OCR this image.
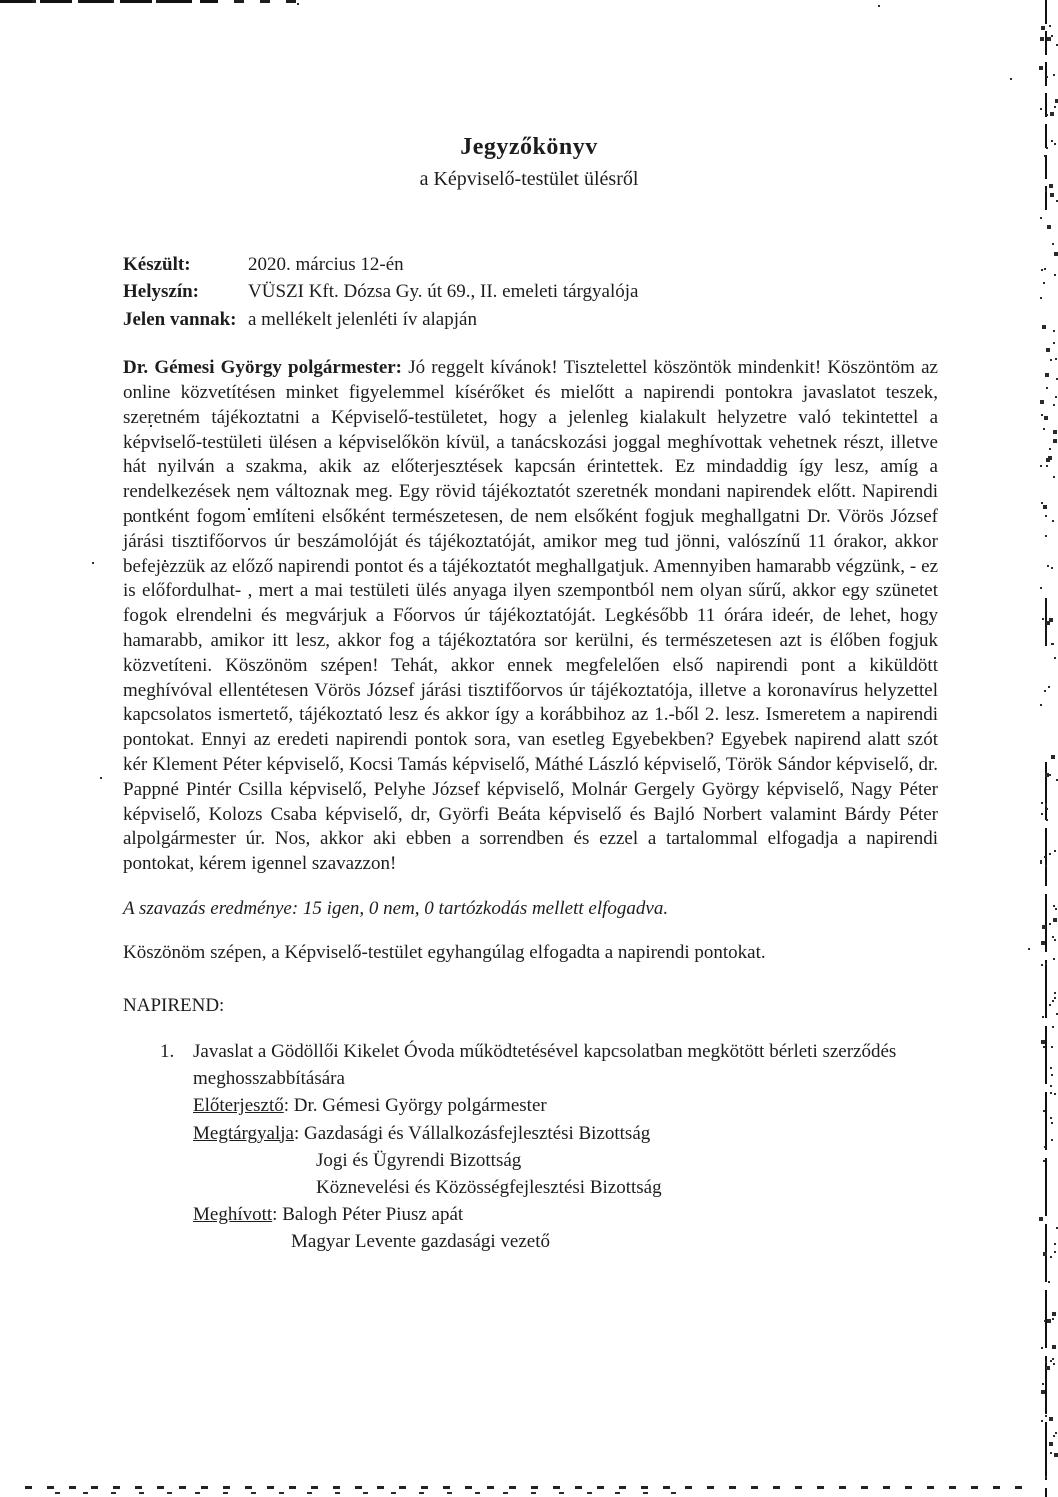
Jegyzőkönyv
a Képviselő-testület ülésről
Készült:	2020. március 12-én
Helyszín:	VÜSZI Kft. Dózsa Gy. út 69., II. emeleti tárgyalója
Jelen vannak: a mellékelt jelenléti ív alapján
Dr. Gémesi György polgármester: Jó reggelt kívánok! Tisztelettel köszöntök mindenkit! Köszöntöm az online közvetítésen minket figyelemmel kísérőket és mielőtt a napirendi pontokra javaslatot teszek, szeretném tájékoztatni a Képviselő-testületet, hogy a jelenleg kialakult helyzetre való tekintettel a képviselő-testületi ülésen a képviselőkön kívül, a tanácskozási joggal meghívottak vehetnek részt, illetve hát nyilván a szakma, akik az előterjesztések kapcsán érintettek. Ez mindaddig így lesz, amíg a rendelkezések nem változnak meg. Egy rövid tájékoztatót szeretnék mondani napirendek előtt. Napirendi pontként fogom említeni elsőként természetesen, de nem elsőként fogjuk meghallgatni Dr. Vörös József járási tisztifőorvos úr beszámolóját és tájékoztatóját, amikor meg tud jönni, valószínű 11 órakor, akkor befejezzük az előző napirendi pontot és a tájékoztatót meghallgatjuk. Amennyiben hamarabb végzünk, - ez is előfordulhat- , mert a mai testületi ülés anyaga ilyen szempontból nem olyan sűrű, akkor egy szünetet fogok elrendelni és megvárjuk a Főorvos úr tájékoztatóját. Legkésőbb 11 órára ideér, de lehet, hogy hamarabb, amikor itt lesz, akkor fog a tájékoztatóra sor kerülni, és természetesen azt is élőben fogjuk közvetíteni. Köszönöm szépen! Tehát, akkor ennek megfelelően első napirendi pont a kiküldött meghívóval ellentétesen Vörös József járási tisztifőorvos úr tájékoztatója, illetve a koronavírus helyzettel kapcsolatos ismertető, tájékoztató lesz és akkor így a korábbihoz az 1.-ből 2. lesz. Ismeretem a napirendi pontokat. Ennyi az eredeti napirendi pontok sora, van esetleg Egyebekben? Egyebek napirend alatt szót kér Klement Péter képviselő, Kocsi Tamás képviselő, Máthé László képviselő, Török Sándor képviselő, dr. Pappné Pintér Csilla képviselő, Pelyhe József képviselő, Molnár Gergely György képviselő, Nagy Péter képviselő, Kolozs Csaba képviselő, dr, Györfi Beáta képviselő és Bajló Norbert valamint Bárdy Péter alpolgármester úr. Nos, akkor aki ebben a sorrendben és ezzel a tartalommal elfogadja a napirendi pontokat, kérem igennel szavazzon!
A szavazás eredménye: 15 igen, 0 nem, 0 tartózkodás mellett elfogadva.
Köszönöm szépen, a Képviselő-testület egyhangúlag elfogadta a napirendi pontokat.
NAPIREND:
1. Javaslat a Gödöllői Kikelet Óvoda működtetésével kapcsolatban megkötött bérleti szerződés meghosszabbítására
Előterjesztő: Dr. Gémesi György polgármester
Megtárgyalja: Gazdasági és Vállalkozásfejlesztési Bizottság
Jogi és Ügyrendi Bizottság
Köznevelési és Közösségfejlesztési Bizottság
Meghívott: Balogh Péter Piusz apát
Magyar Levente gazdasági vezető
